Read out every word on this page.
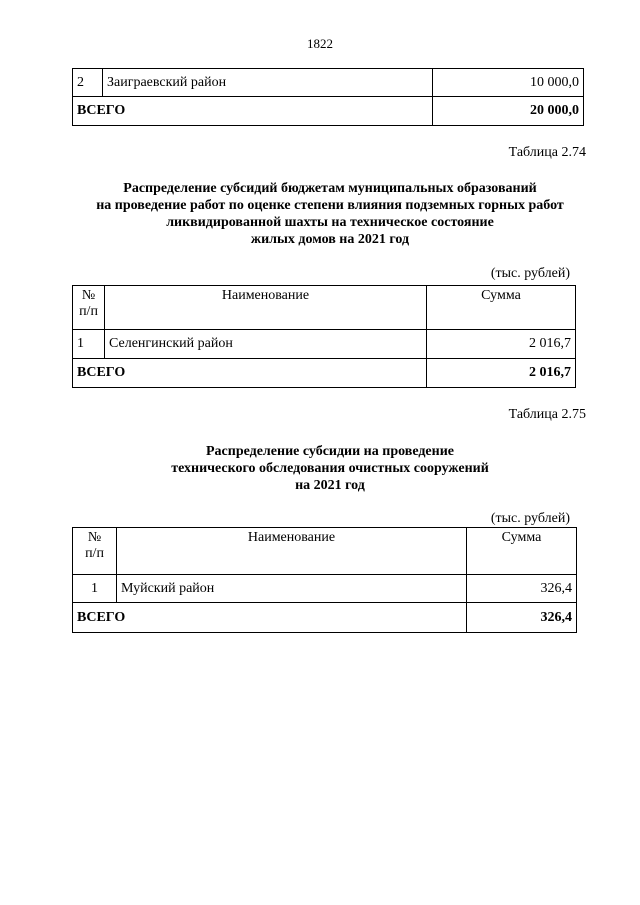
1822
2	Заиграевский район	10 000,0
ВСЕГО		20 000,0
Таблица 2.74
Распределение субсидий бюджетам муниципальных образований
на проведение работ по оценке степени влияния подземных горных работ
ликвидированной шахты на техническое состояние
жилых домов на 2021 год
(тыс. рублей)
№
п/п	Наименование	Сумма
1	Селенгинский район	2 016,7
ВСЕГО		2 016,7
Таблица 2.75
Распределение субсидии на проведение
технического обследования очистных сооружений
на 2021 год
(тыс. рублей)
№
п/п	Наименование	Сумма
1	Муйский район	326,4
ВСЕГО		326,4
